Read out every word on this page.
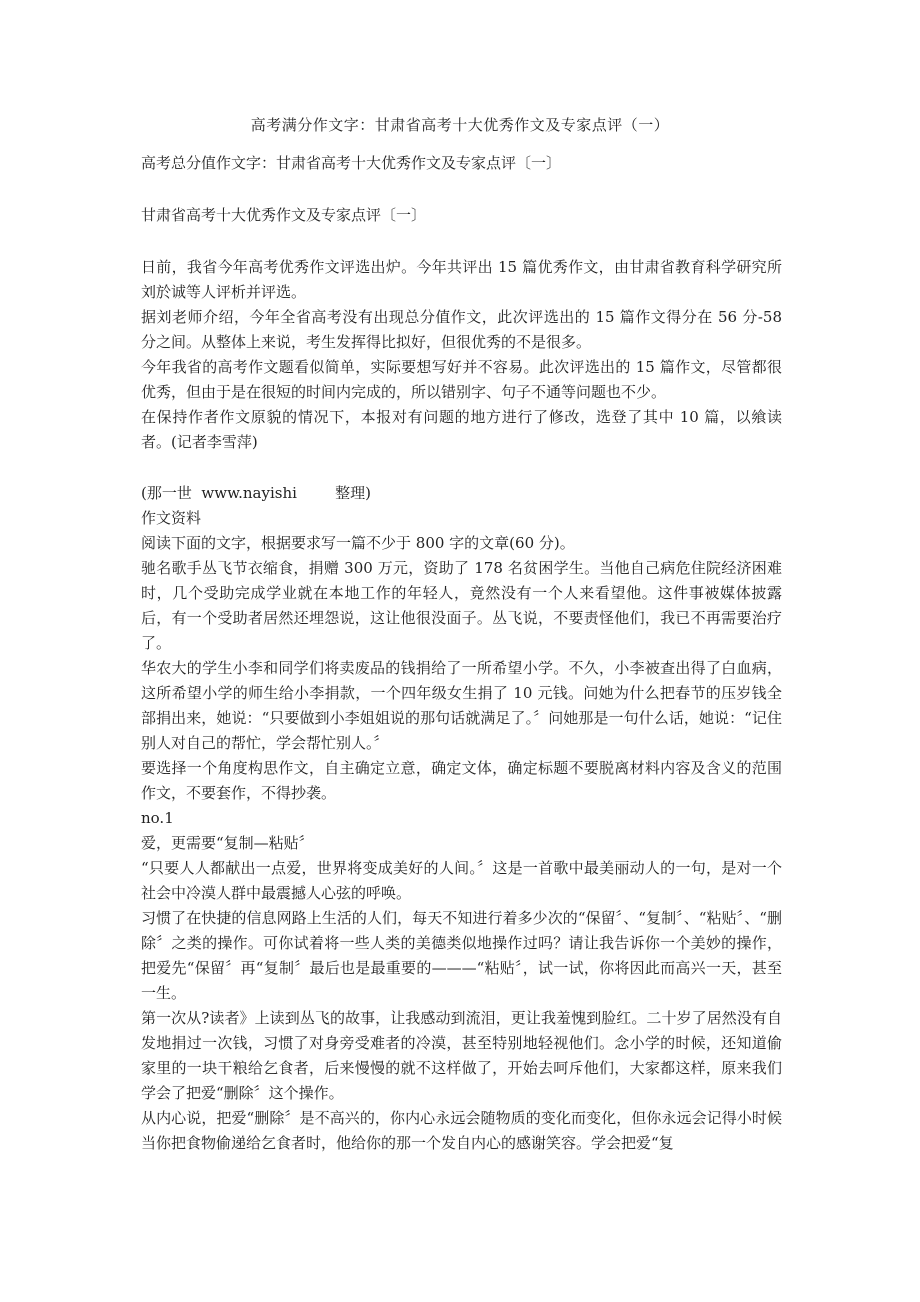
高考满分作文字：甘肃省高考十大优秀作文及专家点评（一）

高考总分值作文字：甘肃省高考十大优秀作文及专家点评〔一〕

甘肃省高考十大优秀作文及专家点评〔一〕

日前，我省今年高考优秀作文评选出炉。今年共评出 15 篇优秀作文，由甘肃省教育科学研究所刘於诚等人评析并评选。

据刘老师介绍，今年全省高考没有出现总分值作文，此次评选出的 15 篇作文得分在 56 分-58 分之间。从整体上来说，考生发挥得比拟好，但很优秀的不是很多。

今年我省的高考作文题看似简单，实际要想写好并不容易。此次评选出的 15 篇作文，尽管都很优秀，但由于是在很短的时间内完成的，所以错别字、句子不通等问题也不少。

在保持作者作文原貌的情况下，本报对有问题的地方进行了修改，选登了其中 10 篇，以飨读者。(记者李雪萍)

(那一世  www.nayishi        整理)

作文资料

阅读下面的文字，根据要求写一篇不少于 800 字的文章(60 分)。

驰名歌手丛飞节衣缩食，捐赠 300 万元，资助了 178 名贫困学生。当他自己病危住院经济困难时，几个受助完成学业就在本地工作的年轻人，竟然没有一个人来看望他。这件事被媒体披露后，有一个受助者居然还埋怨说，这让他很没面子。丛飞说，不要责怪他们，我已不再需要治疗了。

华农大的学生小李和同学们将卖废品的钱捐给了一所希望小学。不久，小李被查出得了白血病，这所希望小学的师生给小李捐款，一个四年级女生捐了 10 元钱。问她为什么把春节的压岁钱全部捐出来，她说：“只要做到小李姐姐说的那句话就满足了。〞问她那是一句什么话，她说：“记住别人对自己的帮忙，学会帮忙别人。〞

要选择一个角度构思作文，自主确定立意，确定文体，确定标题不要脱离材料内容及含义的范围作文，不要套作，不得抄袭。

no.1

爱，更需要“复制—粘贴〞

“只要人人都献出一点爱，世界将变成美好的人间。〞这是一首歌中最美丽动人的一句，是对一个社会中冷漠人群中最震撼人心弦的呼唤。

习惯了在快捷的信息网路上生活的人们，每天不知进行着多少次的“保留〞、“复制〞、“粘贴〞、“删除〞之类的操作。可你试着将一些人类的美德类似地操作过吗？请让我告诉你一个美妙的操作，把爱先“保留〞再“复制〞最后也是最重要的———“粘贴〞，试一试，你将因此而高兴一天，甚至一生。

第一次从?读者》上读到丛飞的故事，让我感动到流泪，更让我羞愧到脸红。二十岁了居然没有自发地捐过一次钱，习惯了对身旁受难者的冷漠，甚至特别地轻视他们。念小学的时候，还知道偷家里的一块干粮给乞食者，后来慢慢的就不这样做了，开始去呵斥他们，大家都这样，原来我们学会了把爱“删除〞这个操作。

从内心说，把爱“删除〞是不高兴的，你内心永远会随物质的变化而变化，但你永远会记得小时候当你把食物偷递给乞食者时，他给你的那一个发自内心的感谢笑容。学会把爱“复
